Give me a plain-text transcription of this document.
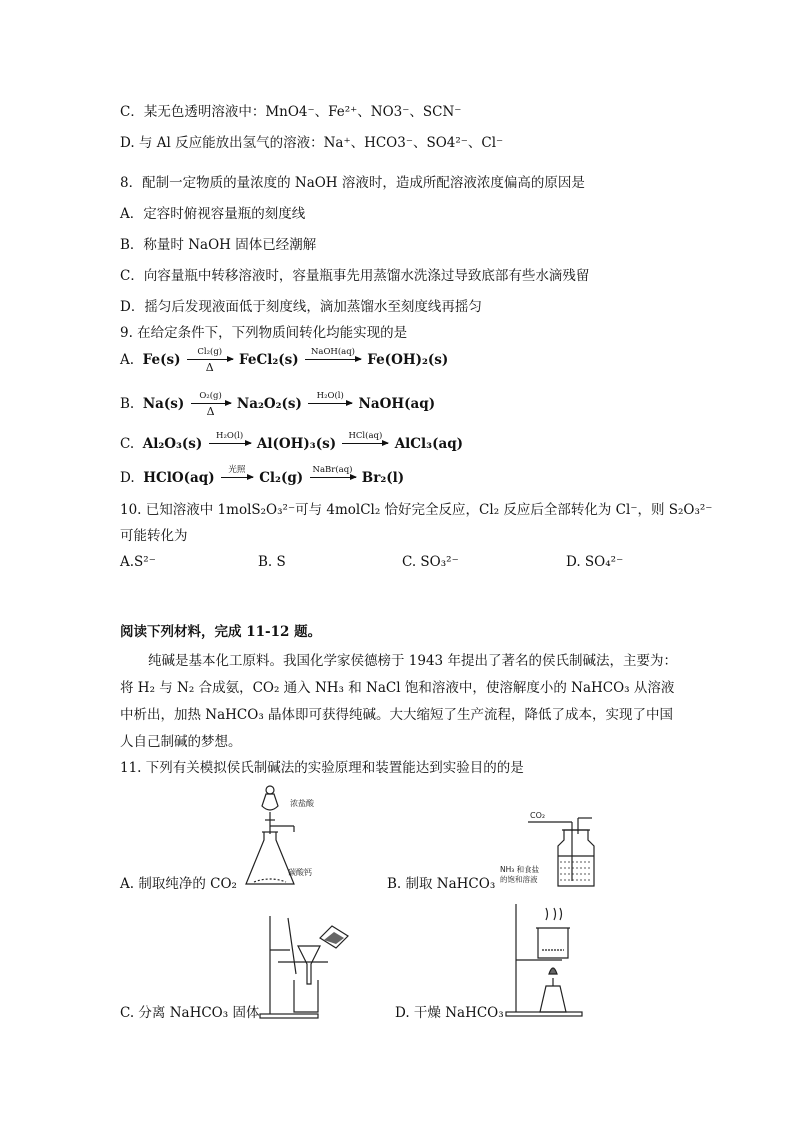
C．某无色透明溶液中：MnO4⁻、Fe²⁺、NO3⁻、SCN⁻
D. 与 Al 反应能放出氢气的溶液：Na⁺、HCO3⁻、SO4²⁻、Cl⁻
8．配制一定物质的量浓度的 NaOH 溶液时，造成所配溶液浓度偏高的原因是
A．定容时俯视容量瓶的刻度线
B．称量时 NaOH 固体已经潮解
C．向容量瓶中转移溶液时，容量瓶事先用蒸馏水洗涤过导致底部有些水滴残留
D．摇匀后发现液面低于刻度线，滴加蒸馏水至刻度线再摇匀
9. 在给定条件下，下列物质间转化均能实现的是
A. Fe(s)	Cl₂(g)
Δ	FeCl₂(s)	NaOH(aq)
Fe(OH)₂(s)
B. Na(s)	O₂(g)
Δ	Na₂O₂(s)	H₂O(l)
	NaOH(aq)
C. Al₂O₃(s)	H₂O(l)
	Al(OH)₃(s)	HCl(aq)
AlCl₃(aq)
D. HClO(aq)	光照
	Cl₂(g)	NaBr(aq)
Br₂(l)
10. 已知溶液中 1molS₂O₃²⁻可与 4molCl₂ 恰好完全反应，Cl₂ 反应后全部转化为 Cl⁻，则 S₂O₃²⁻
可能转化为
A.S²⁻	B. S	C. SO₃²⁻	D. SO₄²⁻
阅读下列材料，完成 11-12 题。
纯碱是基本化工原料。我国化学家侯德榜于 1943 年提出了著名的侯氏制碱法，主要为：将 H₂ 与 N₂ 合成氨，CO₂ 通入 NH₃ 和 NaCl 饱和溶液中，使溶解度小的 NaHCO₃ 从溶液中析出，加热 NaHCO₃ 晶体即可获得纯碱。大大缩短了生产流程，降低了成本，实现了中国人自己制碱的梦想。
11. 下列有关模拟侯氏制碱法的实验原理和装置能达到实验目的的是
A. 制取纯净的 CO₂	B. 制取 NaHCO₃
C. 分离 NaHCO₃ 固体	D. 干燥 NaHCO₃
浓盐酸
碳酸钙
CO₂
NH₃ 和食盐
的饱和溶液
